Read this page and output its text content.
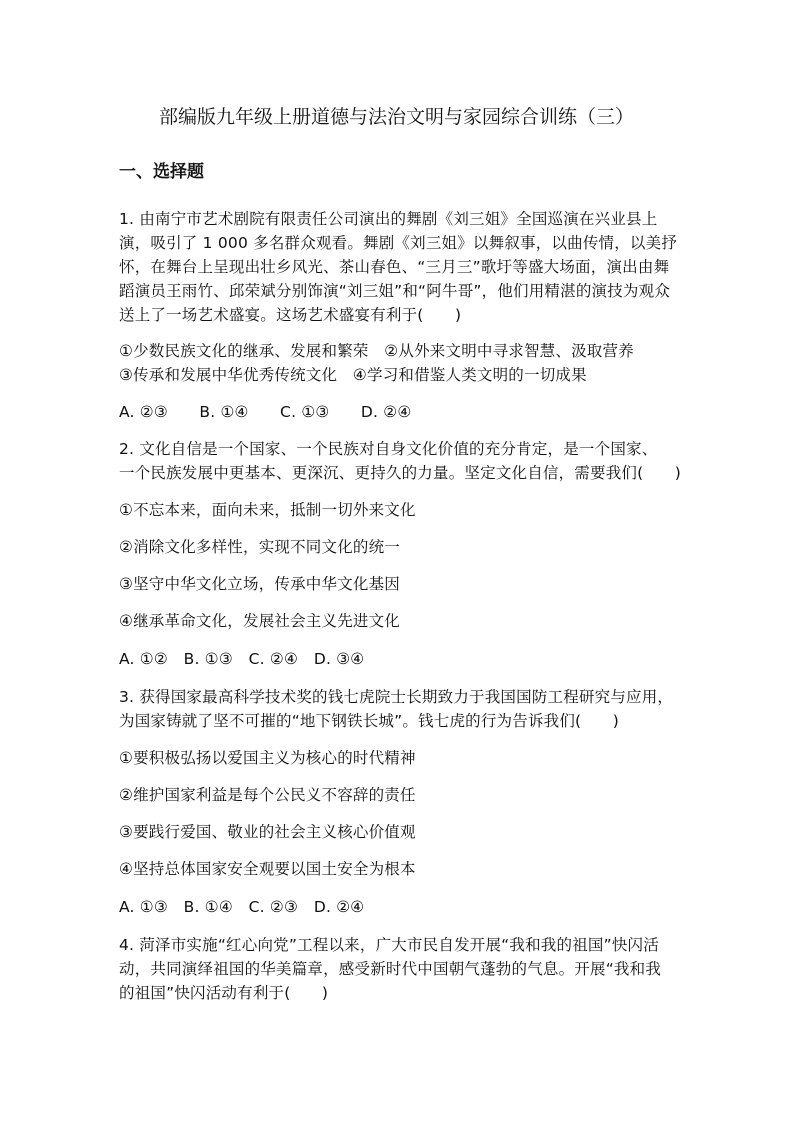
部编版九年级上册道德与法治文明与家园综合训练（三）
一、选择题
1. 由南宁市艺术剧院有限责任公司演出的舞剧《刘三姐》全国巡演在兴业县上
演，吸引了 1 000 多名群众观看。舞剧《刘三姐》以舞叙事，以曲传情，以美抒
怀，在舞台上呈现出壮乡风光、茶山春色、“三月三”歌圩等盛大场面，演出由舞
蹈演员王雨竹、邱荣斌分别饰演“刘三姐”和“阿牛哥”，他们用精湛的演技为观众
送上了一场艺术盛宴。这场艺术盛宴有利于(　　)
①少数民族文化的继承、发展和繁荣　②从外来文明中寻求智慧、汲取营养
③传承和发展中华优秀传统文化　④学习和借鉴人类文明的一切成果
A. ②③　　B. ①④　　C. ①③　　D. ②④
2. 文化自信是一个国家、一个民族对自身文化价值的充分肯定，是一个国家、
一个民族发展中更基本、更深沉、更持久的力量。坚定文化自信，需要我们(　　)
①不忘本来，面向未来，抵制一切外来文化
②消除文化多样性，实现不同文化的统一
③坚守中华文化立场，传承中华文化基因
④继承革命文化，发展社会主义先进文化
A. ①②　B. ①③　C. ②④　D. ③④
3. 获得国家最高科学技术奖的钱七虎院士长期致力于我国国防工程研究与应用，
为国家铸就了坚不可摧的“地下钢铁长城”。钱七虎的行为告诉我们(　　)
①要积极弘扬以爱国主义为核心的时代精神
②维护国家利益是每个公民义不容辞的责任
③要践行爱国、敬业的社会主义核心价值观
④坚持总体国家安全观要以国土安全为根本
A. ①③　B. ①④　C. ②③　D. ②④
4. 菏泽市实施“红心向党”工程以来，广大市民自发开展“我和我的祖国”快闪活
动，共同演绎祖国的华美篇章，感受新时代中国朝气蓬勃的气息。开展“我和我
的祖国”快闪活动有利于(　　)
